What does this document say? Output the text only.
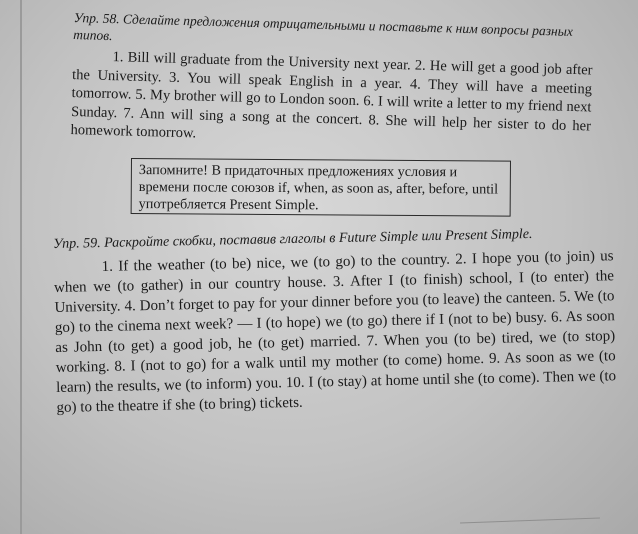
Упр. 58. Сделайте предложения отрицательными и поставьте к ним вопросы разных типов.

1. Bill will graduate from the University next year. 2. He will get a good job after the University. 3. You will speak English in a year. 4. They will have a meeting tomorrow. 5. My brother will go to London soon. 6. I will write a letter to my friend next Sunday. 7. Ann will sing a song at the concert. 8. She will help her sister to do her homework tomorrow.

Запомните! В придаточных предложениях условия и времени после союзов if, when, as soon as, after, before, until употребляется Present Simple.

Упр. 59. Раскройте скобки, поставив глаголы в Future Simple или Present Simple.

1. If the weather (to be) nice, we (to go) to the country. 2. I hope you (to join) us when we (to gather) in our country house. 3. After I (to finish) school, I (to enter) the University. 4. Don’t forget to pay for your dinner before you (to leave) the canteen. 5. We (to go) to the cinema next week? — I (to hope) we (to go) there if I (not to be) busy. 6. As soon as John (to get) a good job, he (to get) married. 7. When you (to be) tired, we (to stop) working. 8. I (not to go) for a walk until my mother (to come) home. 9. As soon as we (to learn) the results, we (to inform) you. 10. I (to stay) at home until she (to come). Then we (to go) to the theatre if she (to bring) tickets.
